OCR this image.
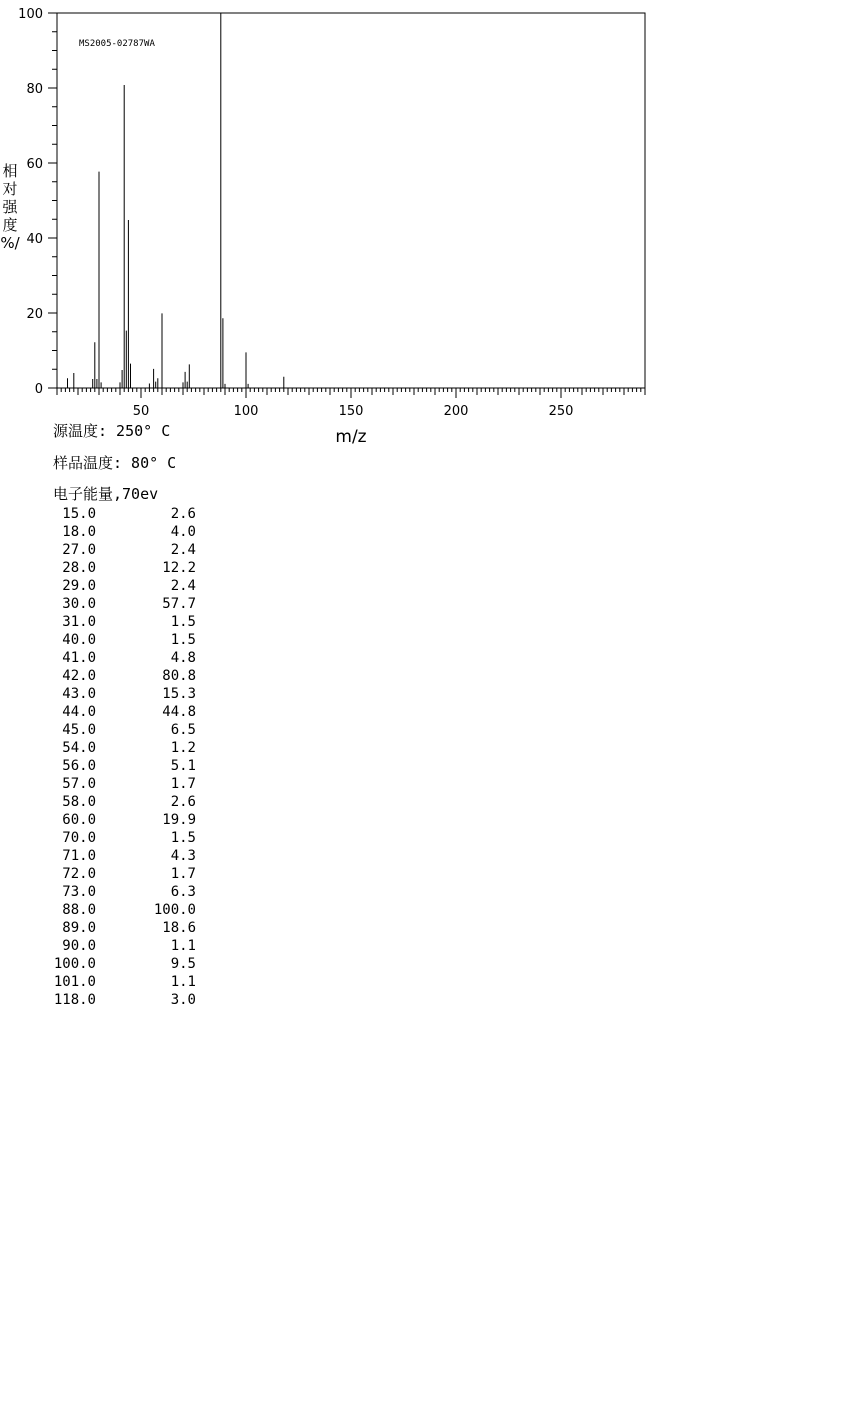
MS2005-02787WA
相
对
强
度
%/
0
20
40
60
80
100
50	100	150	200	250
m/z
源温度: 250° C
样品温度: 80° C
电子能量,70ev
15.0	2.6
18.0	4.0
27.0	2.4
28.0	12.2
29.0	2.4
30.0	57.7
31.0	1.5
40.0	1.5
41.0	4.8
42.0	80.8
43.0	15.3
44.0	44.8
45.0	6.5
54.0	1.2
56.0	5.1
57.0	1.7
58.0	2.6
60.0	19.9
70.0	1.5
71.0	4.3
72.0	1.7
73.0	6.3
88.0	100.0
89.0	18.6
90.0	1.1
100.0	9.5
101.0	1.1
118.0	3.0
